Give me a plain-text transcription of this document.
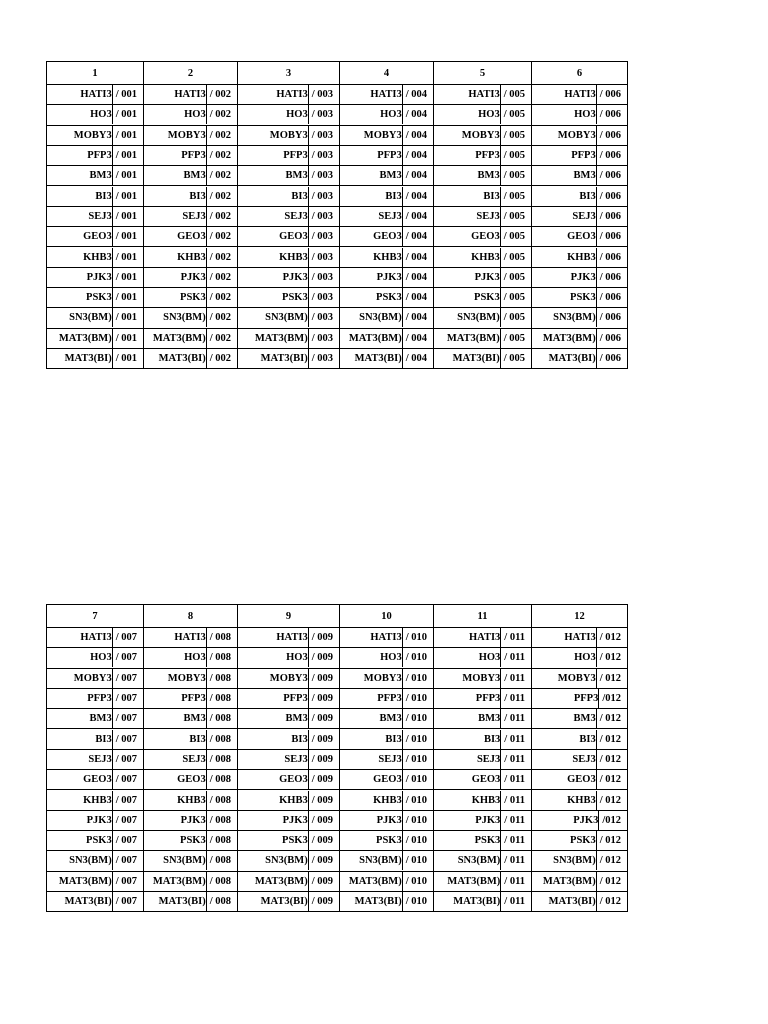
1	2	3	4	5	6

HATI3 / 001	HATI3 / 002	HATI3 / 003	HATI3 / 004	HATI3 / 005	HATI3 / 006

HO3 / 001	HO3 / 002	HO3 / 003	HO3 / 004	HO3 / 005	HO3 / 006

MOBY3 / 001	MOBY3 / 002	MOBY3 / 003	MOBY3 / 004	MOBY3 / 005	MOBY3 / 006

PFP3 / 001	PFP3 / 002	PFP3 / 003	PFP3 / 004	PFP3 / 005	PFP3 / 006

BM3 / 001	BM3 / 002	BM3 / 003	BM3 / 004	BM3 / 005	BM3 / 006

BI3 / 001	BI3 / 002	BI3 / 003	BI3 / 004	BI3 / 005	BI3 / 006

SEJ3 / 001	SEJ3 / 002	SEJ3 / 003	SEJ3 / 004	SEJ3 / 005	SEJ3 / 006

GEO3 / 001	GEO3 / 002	GEO3 / 003	GEO3 / 004	GEO3 / 005	GEO3 / 006

KHB3 / 001	KHB3 / 002	KHB3 / 003	KHB3 / 004	KHB3 / 005	KHB3 / 006

PJK3 / 001	PJK3 / 002	PJK3 / 003	PJK3 / 004	PJK3 / 005	PJK3 / 006

PSK3 / 001	PSK3 / 002	PSK3 / 003	PSK3 / 004	PSK3 / 005	PSK3 / 006

SN3(BM) / 001	SN3(BM) / 002	SN3(BM) / 003	SN3(BM) / 004	SN3(BM) / 005	SN3(BM) / 006

MAT3(BM) / 001	MAT3(BM) / 002	MAT3(BM) / 003	MAT3(BM) / 004	MAT3(BM) / 005	MAT3(BM) / 006

MAT3(BI) / 001	MAT3(BI) / 002	MAT3(BI) / 003	MAT3(BI) / 004	MAT3(BI) / 005	MAT3(BI) / 006
7	8	9	10	11	12

HATI3 / 007	HATI3 / 008	HATI3 / 009	HATI3 / 010	HATI3 / 011	HATI3 / 012

HO3 / 007	HO3 / 008	HO3 / 009	HO3 / 010	HO3 / 011	HO3 / 012

MOBY3 / 007	MOBY3 / 008	MOBY3 / 009	MOBY3 / 010	MOBY3 / 011	MOBY3 / 012

PFP3 / 007	PFP3 / 008	PFP3 / 009	PFP3 / 010	PFP3 / 011	PFP3 / 012

BM3 / 007	BM3 / 008	BM3 / 009	BM3 / 010	BM3 / 011	BM3 / 012

BI3 / 007	BI3 / 008	BI3 / 009	BI3 / 010	BI3 / 011	BI3 / 012

SEJ3 / 007	SEJ3 / 008	SEJ3 / 009	SEJ3 / 010	SEJ3 / 011	SEJ3 / 012

GEO3 / 007	GEO3 / 008	GEO3 / 009	GEO3 / 010	GEO3 / 011	GEO3 / 012

KHB3 / 007	KHB3 / 008	KHB3 / 009	KHB3 / 010	KHB3 / 011	KHB3 / 012

PJK3 / 007	PJK3 / 008	PJK3 / 009	PJK3 / 010	PJK3 / 011	PJK3 / 012

PSK3 / 007	PSK3 / 008	PSK3 / 009	PSK3 / 010	PSK3 / 011	PSK3 / 012

SN3(BM) / 007	SN3(BM) / 008	SN3(BM) / 009	SN3(BM) / 010	SN3(BM) / 011	SN3(BM) / 012

MAT3(BM) / 007	MAT3(BM) / 008	MAT3(BM) / 009	MAT3(BM) / 010	MAT3(BM) / 011	MAT3(BM) / 012

MAT3(BI) / 007	MAT3(BI) / 008	MAT3(BI) / 009	MAT3(BI) / 010	MAT3(BI) / 011	MAT3(BI) / 012
